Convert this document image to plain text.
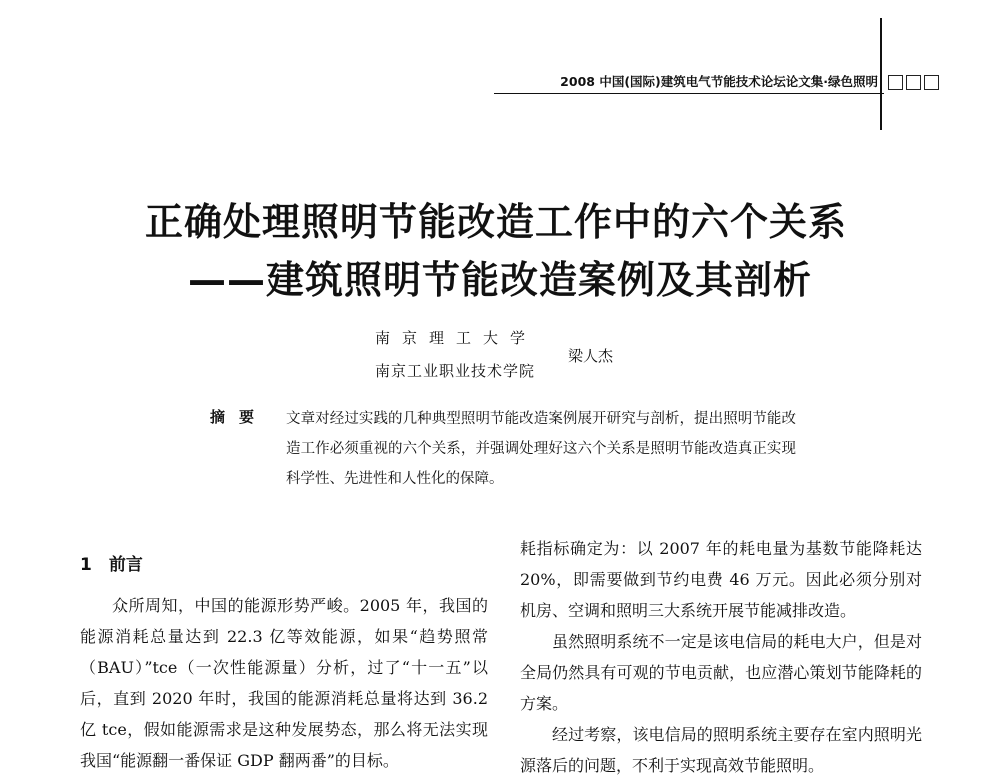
2008 中国(国际)建筑电气节能技术论坛论文集·绿色照明
正确处理照明节能改造工作中的六个关系
——建筑照明节能改造案例及其剖析
南京理工大学
南京工业职业技术学院
梁人杰
摘要 文章对经过实践的几种典型照明节能改造案例展开研究与剖析，提出照明节能改造工作必须重视的六个关系，并强调处理好这六个关系是照明节能改造真正实现科学性、先进性和人性化的保障。
1　前言

众所周知，中国的能源形势严峻。2005 年，我国的能源消耗总量达到 22.3 亿等效能源，如果“趋势照常（BAU）”tce（一次性能源量）分析，过了“十一五”以后，直到 2020 年时，我国的能源消耗总量将达到 36.2 亿 tce，假如能源需求是这种发展势态，那么将无法实现我国“能源翻一番保证 GDP 翻两番”的目标。

耗指标确定为：以 2007 年的耗电量为基数节能降耗达 20%，即需要做到节约电费 46 万元。因此必须分别对机房、空调和照明三大系统开展节能减排改造。

虽然照明系统不一定是该电信局的耗电大户，但是对全局仍然具有可观的节电贡献，也应潜心策划节能降耗的方案。

经过考察，该电信局的照明系统主要存在室内照明光源落后的问题，不利于实现高效节能照明。
